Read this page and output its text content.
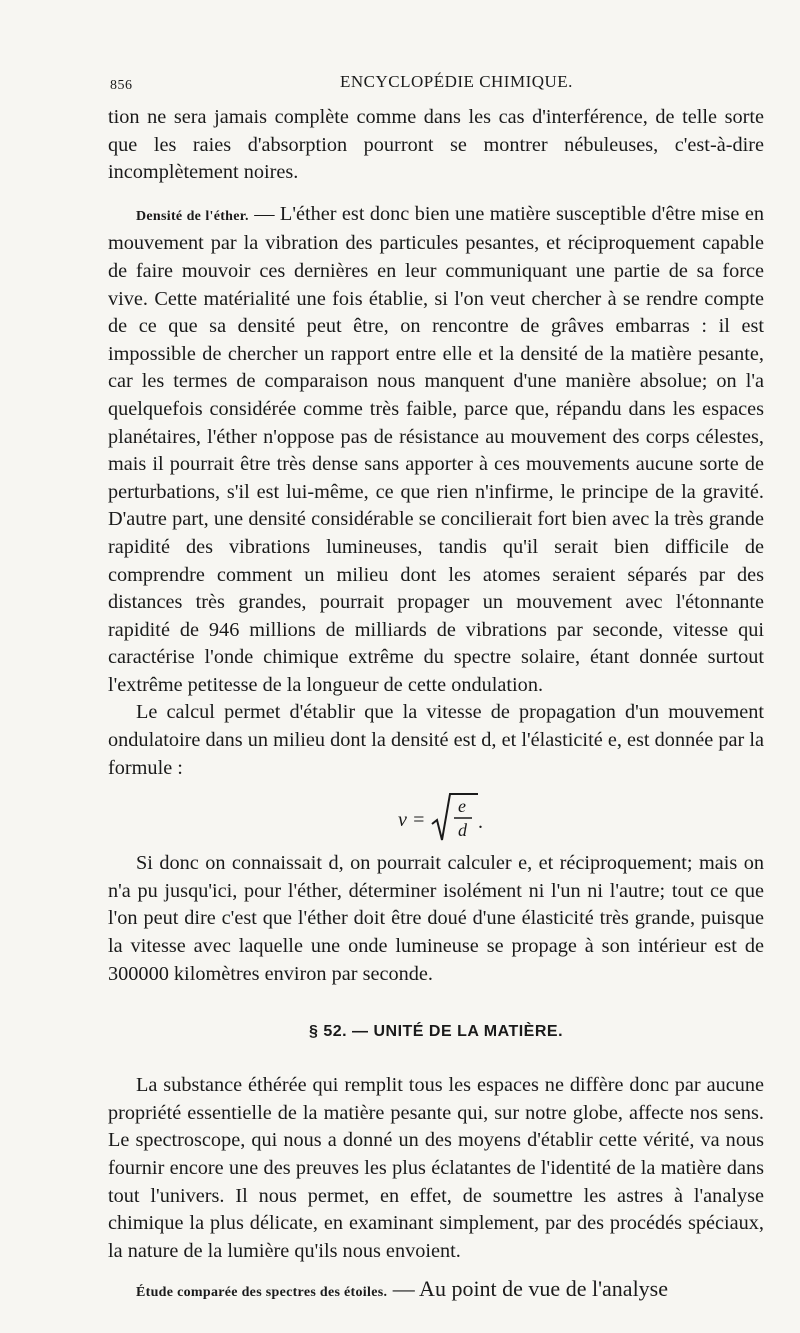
856	ENCYCLOPÉDIE CHIMIQUE.

tion ne sera jamais complète comme dans les cas d'interférence, de telle sorte que les raies d'absorption pourront se montrer nébuleuses, c'est-à-dire incomplètement noires.

Densité de l'éther. — L'éther est donc bien une matière susceptible d'être mise en mouvement par la vibration des particules pesantes, et réciproquement capable de faire mouvoir ces dernières en leur communiquant une partie de sa force vive. Cette matérialité une fois établie, si l'on veut chercher à se rendre compte de ce que sa densité peut être, on rencontre de grâves embarras : il est impossible de chercher un rapport entre elle et la densité de la matière pesante, car les termes de comparaison nous manquent d'une manière absolue; on l'a quelquefois considérée comme très faible, parce que, répandu dans les espaces planétaires, l'éther n'oppose pas de résistance au mouvement des corps célestes, mais il pourrait être très dense sans apporter à ces mouvements aucune sorte de perturbations, s'il est lui-même, ce que rien n'infirme, le principe de la gravité. D'autre part, une densité considérable se concilierait fort bien avec la très grande rapidité des vibrations lumineuses, tandis qu'il serait bien difficile de comprendre comment un milieu dont les atomes seraient séparés par des distances très grandes, pourrait propager un mouvement avec l'étonnante rapidité de 946 millions de milliards de vibrations par seconde, vitesse qui caractérise l'onde chimique extrême du spectre solaire, étant donnée surtout l'extrême petitesse de la longueur de cette ondulation.

Le calcul permet d'établir que la vitesse de propagation d'un mouvement ondulatoire dans un milieu dont la densité est d, et l'élasticité e, est donnée par la formule :

v =
e
d .

Si donc on connaissait d, on pourrait calculer e, et réciproquement; mais on n'a pu jusqu'ici, pour l'éther, déterminer isolément ni l'un ni l'autre; tout ce que l'on peut dire c'est que l'éther doit être doué d'une élasticité très grande, puisque la vitesse avec laquelle une onde lumineuse se propage à son intérieur est de 300000 kilomètres environ par seconde.

§ 52. — UNITÉ DE LA MATIÈRE.

La substance éthérée qui remplit tous les espaces ne diffère donc par aucune propriété essentielle de la matière pesante qui, sur notre globe, affecte nos sens. Le spectroscope, qui nous a donné un des moyens d'établir cette vérité, va nous fournir encore une des preuves les plus éclatantes de l'identité de la matière dans tout l'univers. Il nous permet, en effet, de soumettre les astres à l'analyse chimique la plus délicate, en examinant simplement, par des procédés spéciaux, la nature de la lumière qu'ils nous envoient.

Étude comparée des spectres des étoiles. — Au point de vue de l'analyse
